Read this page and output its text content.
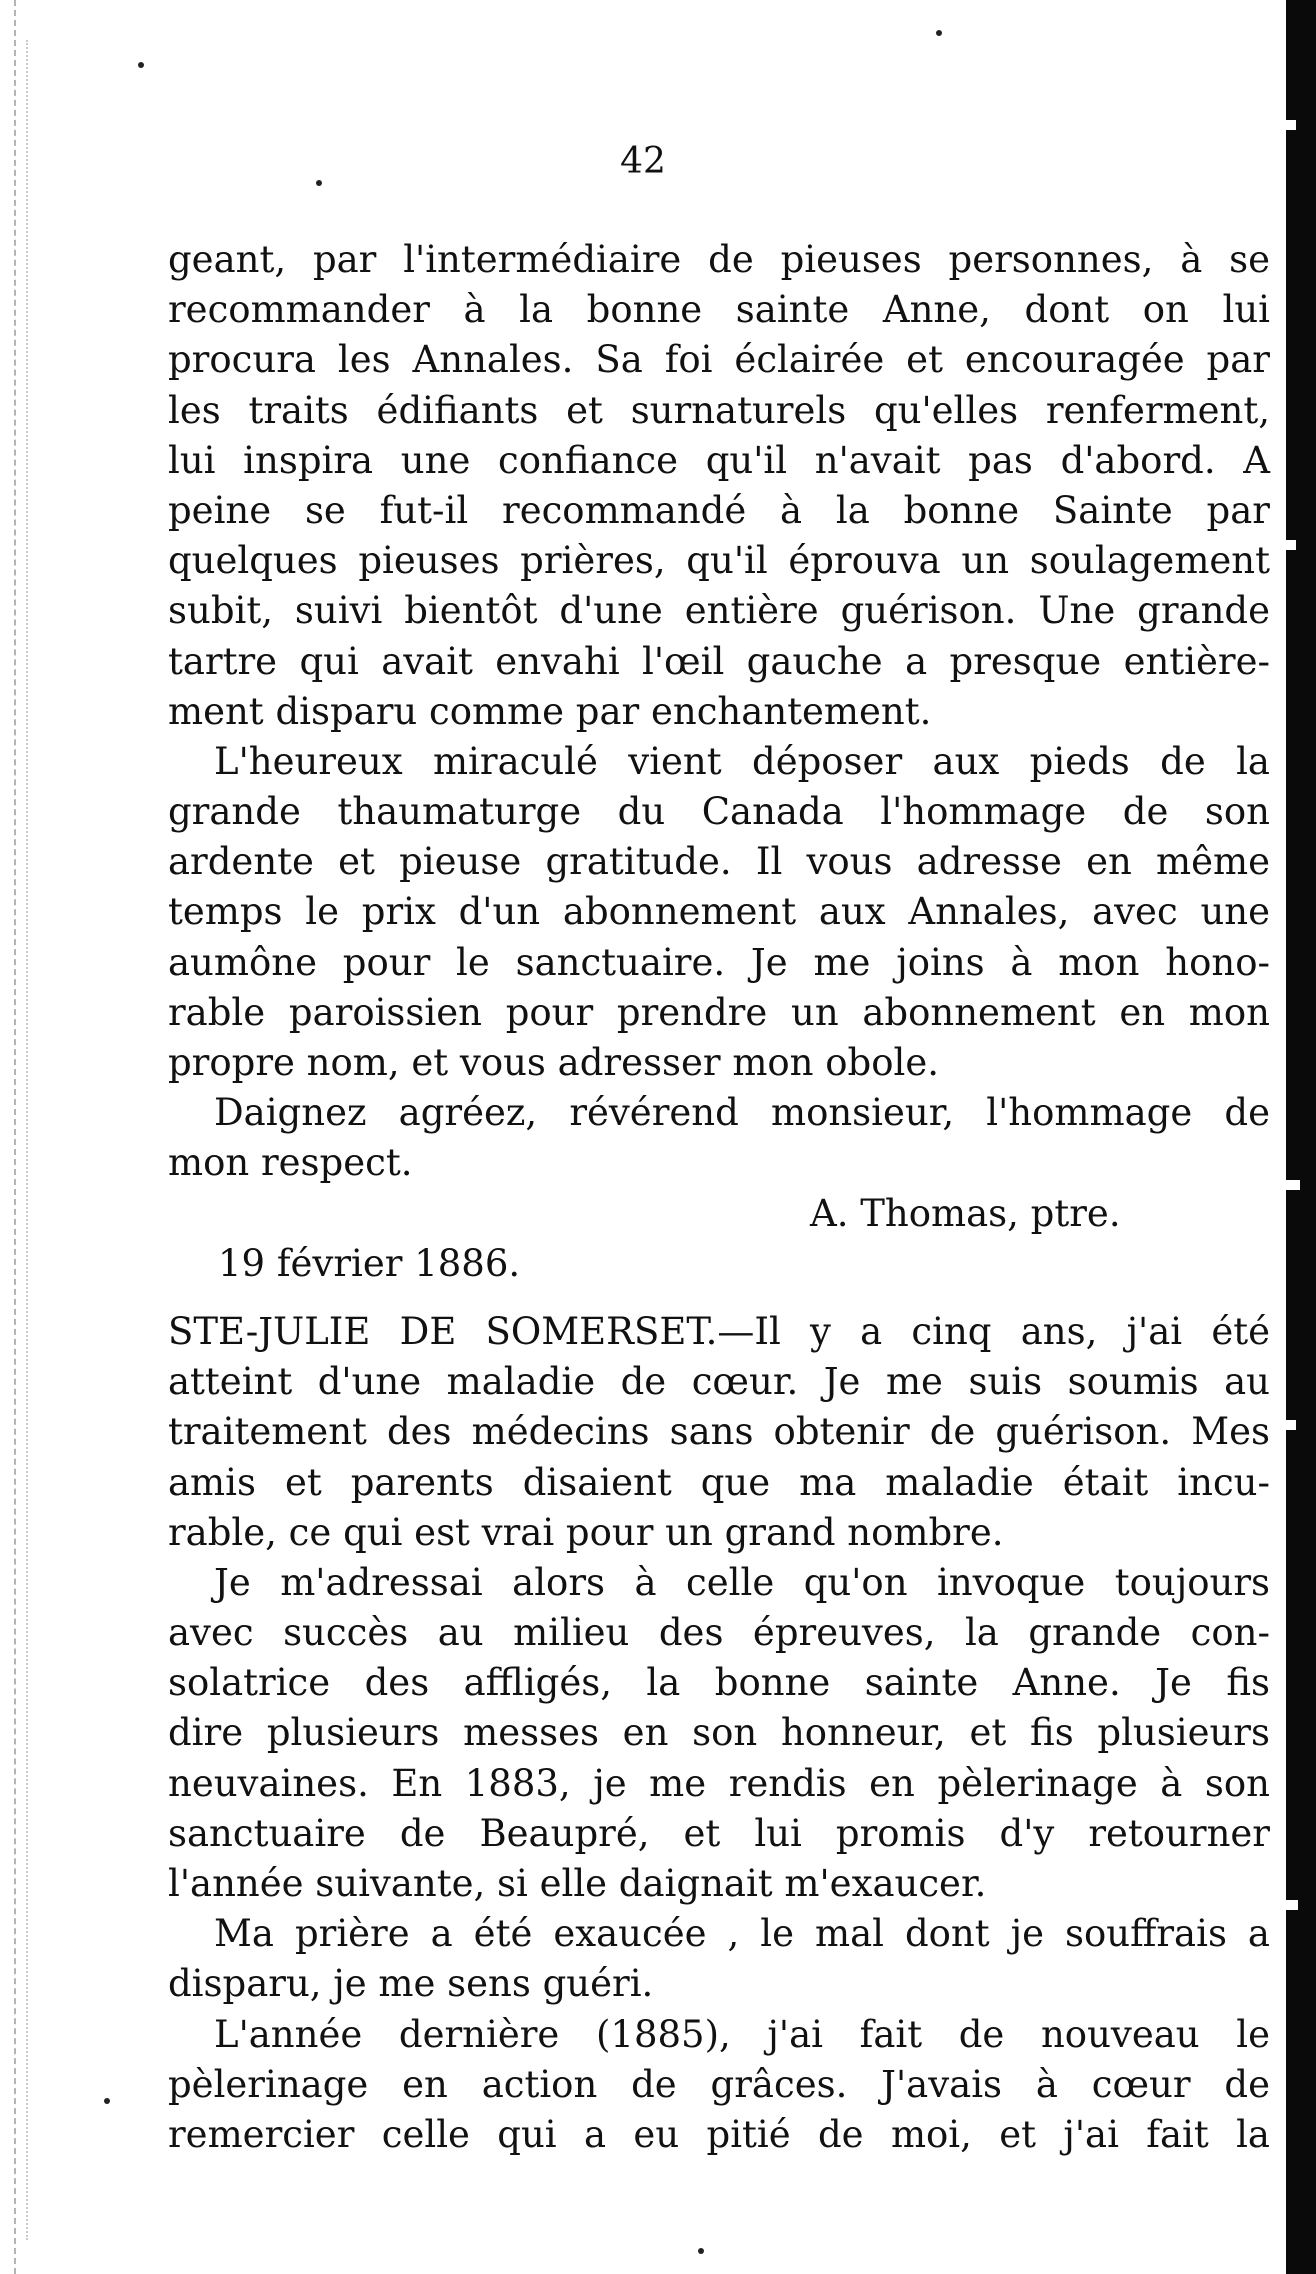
42
geant, par l'intermédiaire de pieuses personnes, à se
recommander à la bonne sainte Anne, dont on lui
procura les Annales. Sa foi éclairée et encouragée par
les traits édifiants et surnaturels qu'elles renferment,
lui inspira une confiance qu'il n'avait pas d'abord. A
peine se fut-il recommandé à la bonne Sainte par
quelques pieuses prières, qu'il éprouva un soulagement
subit, suivi bientôt d'une entière guérison. Une grande
tartre qui avait envahi l'œil gauche a presque entière-
ment disparu comme par enchantement.
L'heureux miraculé vient déposer aux pieds de la
grande thaumaturge du Canada l'hommage de son
ardente et pieuse gratitude. Il vous adresse en même
temps le prix d'un abonnement aux Annales, avec une
aumône pour le sanctuaire. Je me joins à mon hono-
rable paroissien pour prendre un abonnement en mon
propre nom, et vous adresser mon obole.
Daignez agréez, révérend monsieur, l'hommage de
mon respect.
A. Thomas, ptre.
19 février 1886.
STE-JULIE DE SOMERSET.—Il y a cinq ans, j'ai été
atteint d'une maladie de cœur. Je me suis soumis au
traitement des médecins sans obtenir de guérison. Mes
amis et parents disaient que ma maladie était incu-
rable, ce qui est vrai pour un grand nombre.
Je m'adressai alors à celle qu'on invoque toujours
avec succès au milieu des épreuves, la grande con-
solatrice des affligés, la bonne sainte Anne. Je fis
dire plusieurs messes en son honneur, et fis plusieurs
neuvaines. En 1883, je me rendis en pèlerinage à son
sanctuaire de Beaupré, et lui promis d'y retourner
l'année suivante, si elle daignait m'exaucer.
Ma prière a été exaucée , le mal dont je souffrais a
disparu, je me sens guéri.
L'année dernière (1885), j'ai fait de nouveau le
pèlerinage en action de grâces. J'avais à cœur de
remercier celle qui a eu pitié de moi, et j'ai fait la
